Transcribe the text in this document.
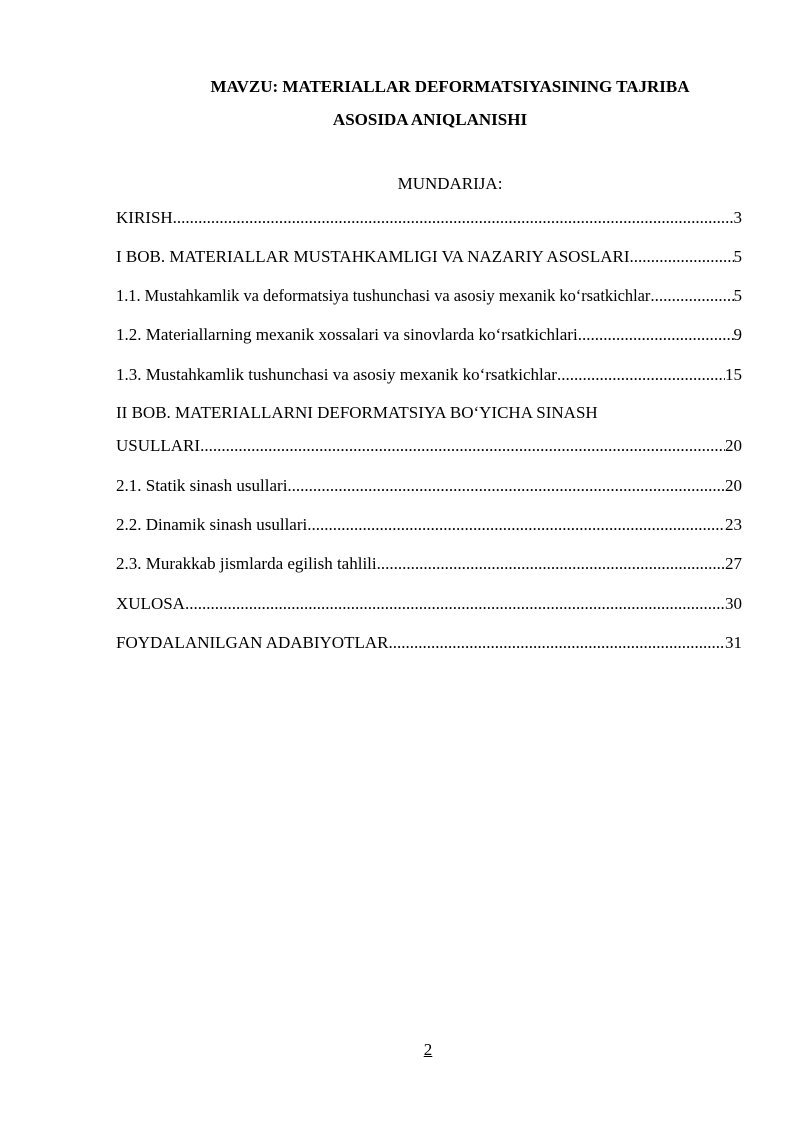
MAVZU: MATERIALLAR DEFORMATSIYASINING TAJRIBA
ASOSIDA ANIQLANISHI
MUNDARIJA:
KIRISH .....	3
I BOB. MATERIALLAR MUSTAHKAMLIGI VA NAZARIY ASOSLARI .....	5
1.1. Mustahkamlik va deformatsiya tushunchasi va asosiy mexanik ko‘rsatkichlar .....	5
1.2. Materiallarning mexanik xossalari va sinovlarda ko‘rsatkichlari .....	9
1.3. Mustahkamlik tushunchasi va asosiy mexanik ko‘rsatkichlar .....	15
II BOB. MATERIALLARNI DEFORMATSIYA BO‘YICHA SINASH
USULLARI .....	20
2.1. Statik sinash usullari .....	20
2.2. Dinamik sinash usullari .....	23
2.3. Murakkab jismlarda egilish tahlili .....	27
XULOSA .....	30
FOYDALANILGAN ADABIYOTLAR .....	31
2
